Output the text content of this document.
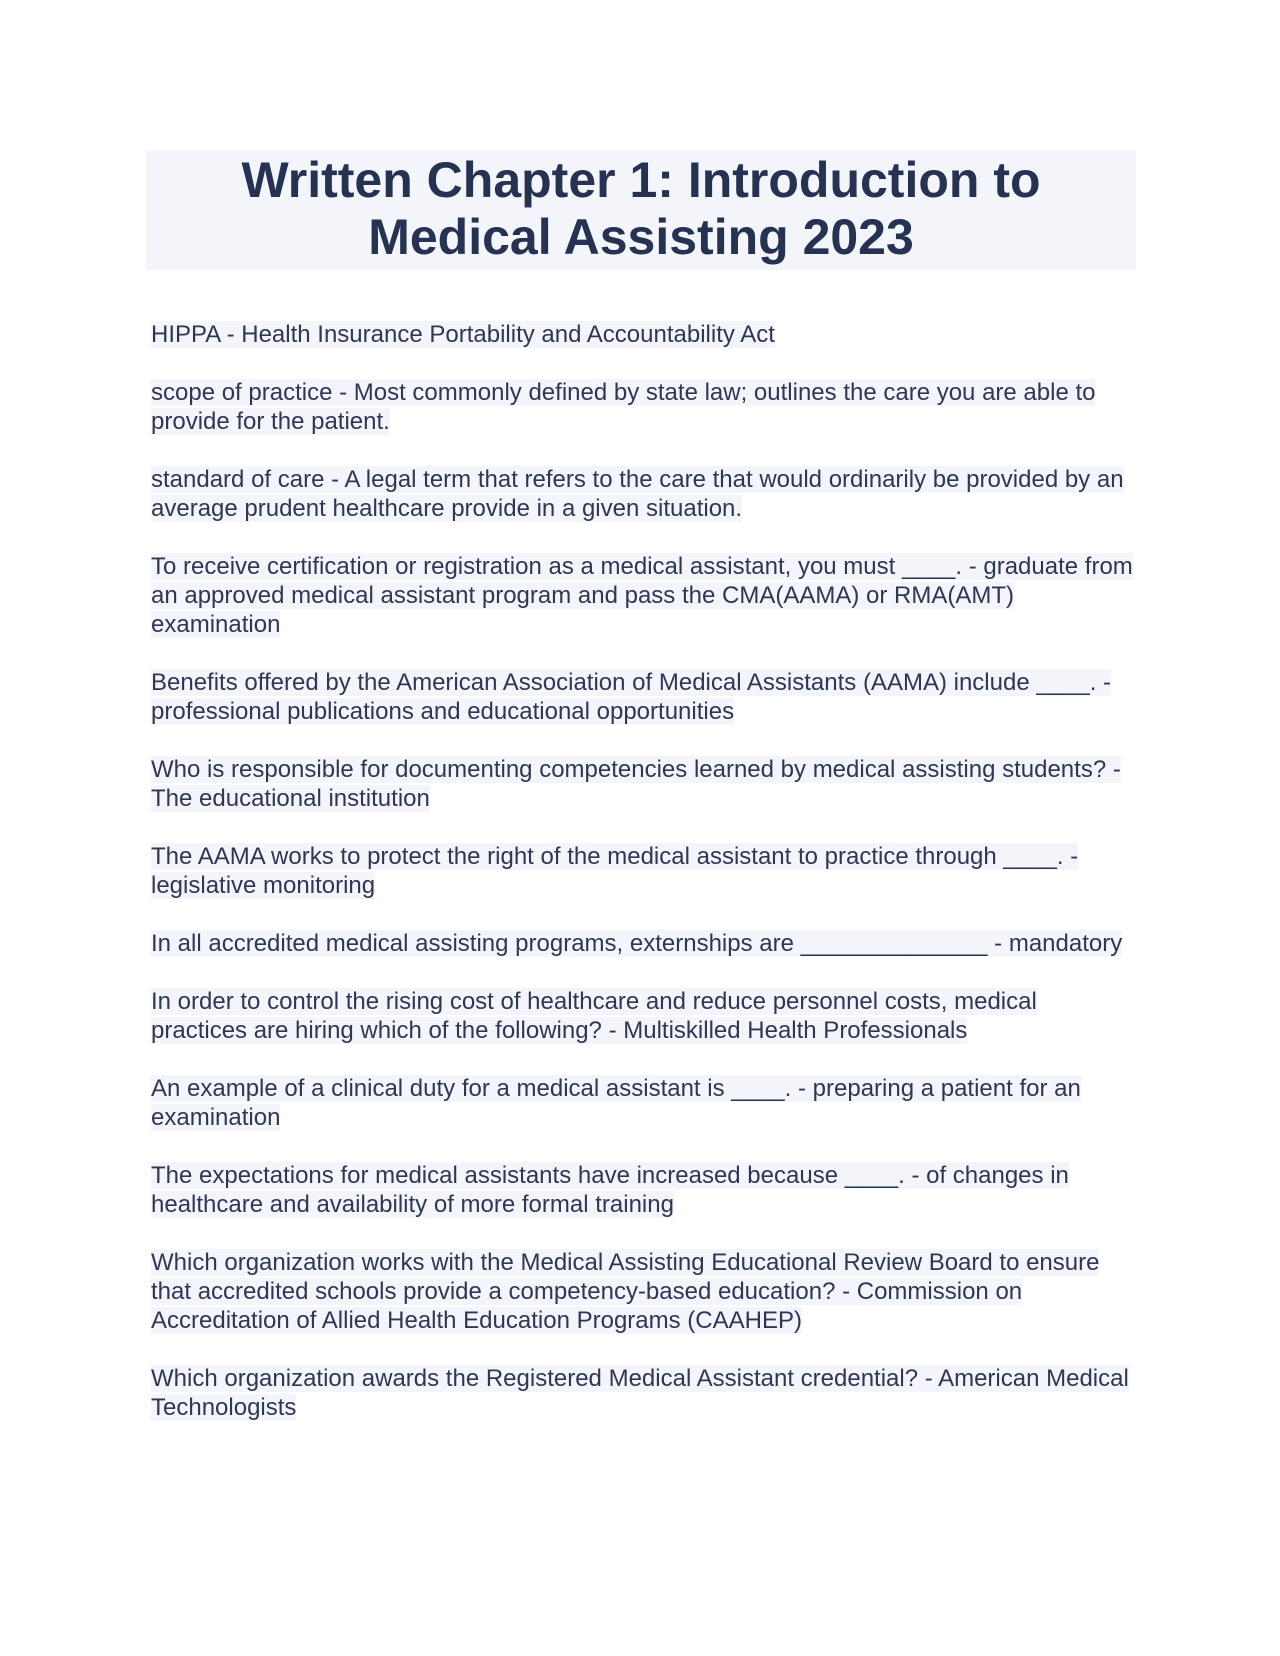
Written Chapter 1: Introduction to Medical Assisting 2023

HIPPA - Health Insurance Portability and Accountability Act

scope of practice - Most commonly defined by state law; outlines the care you are able to provide for the patient.

standard of care - A legal term that refers to the care that would ordinarily be provided by an average prudent healthcare provide in a given situation.

To receive certification or registration as a medical assistant, you must ____. - graduate from an approved medical assistant program and pass the CMA(AAMA) or RMA(AMT) examination

Benefits offered by the American Association of Medical Assistants (AAMA) include ____. - professional publications and educational opportunities

Who is responsible for documenting competencies learned by medical assisting students? - The educational institution

The AAMA works to protect the right of the medical assistant to practice through ____. - legislative monitoring

In all accredited medical assisting programs, externships are ______________ - mandatory

In order to control the rising cost of healthcare and reduce personnel costs, medical practices are hiring which of the following? - Multiskilled Health Professionals

An example of a clinical duty for a medical assistant is ____. - preparing a patient for an examination

The expectations for medical assistants have increased because ____. - of changes in healthcare and availability of more formal training

Which organization works with the Medical Assisting Educational Review Board to ensure that accredited schools provide a competency-based education? - Commission on Accreditation of Allied Health Education Programs (CAAHEP)

Which organization awards the Registered Medical Assistant credential? - American Medical Technologists
